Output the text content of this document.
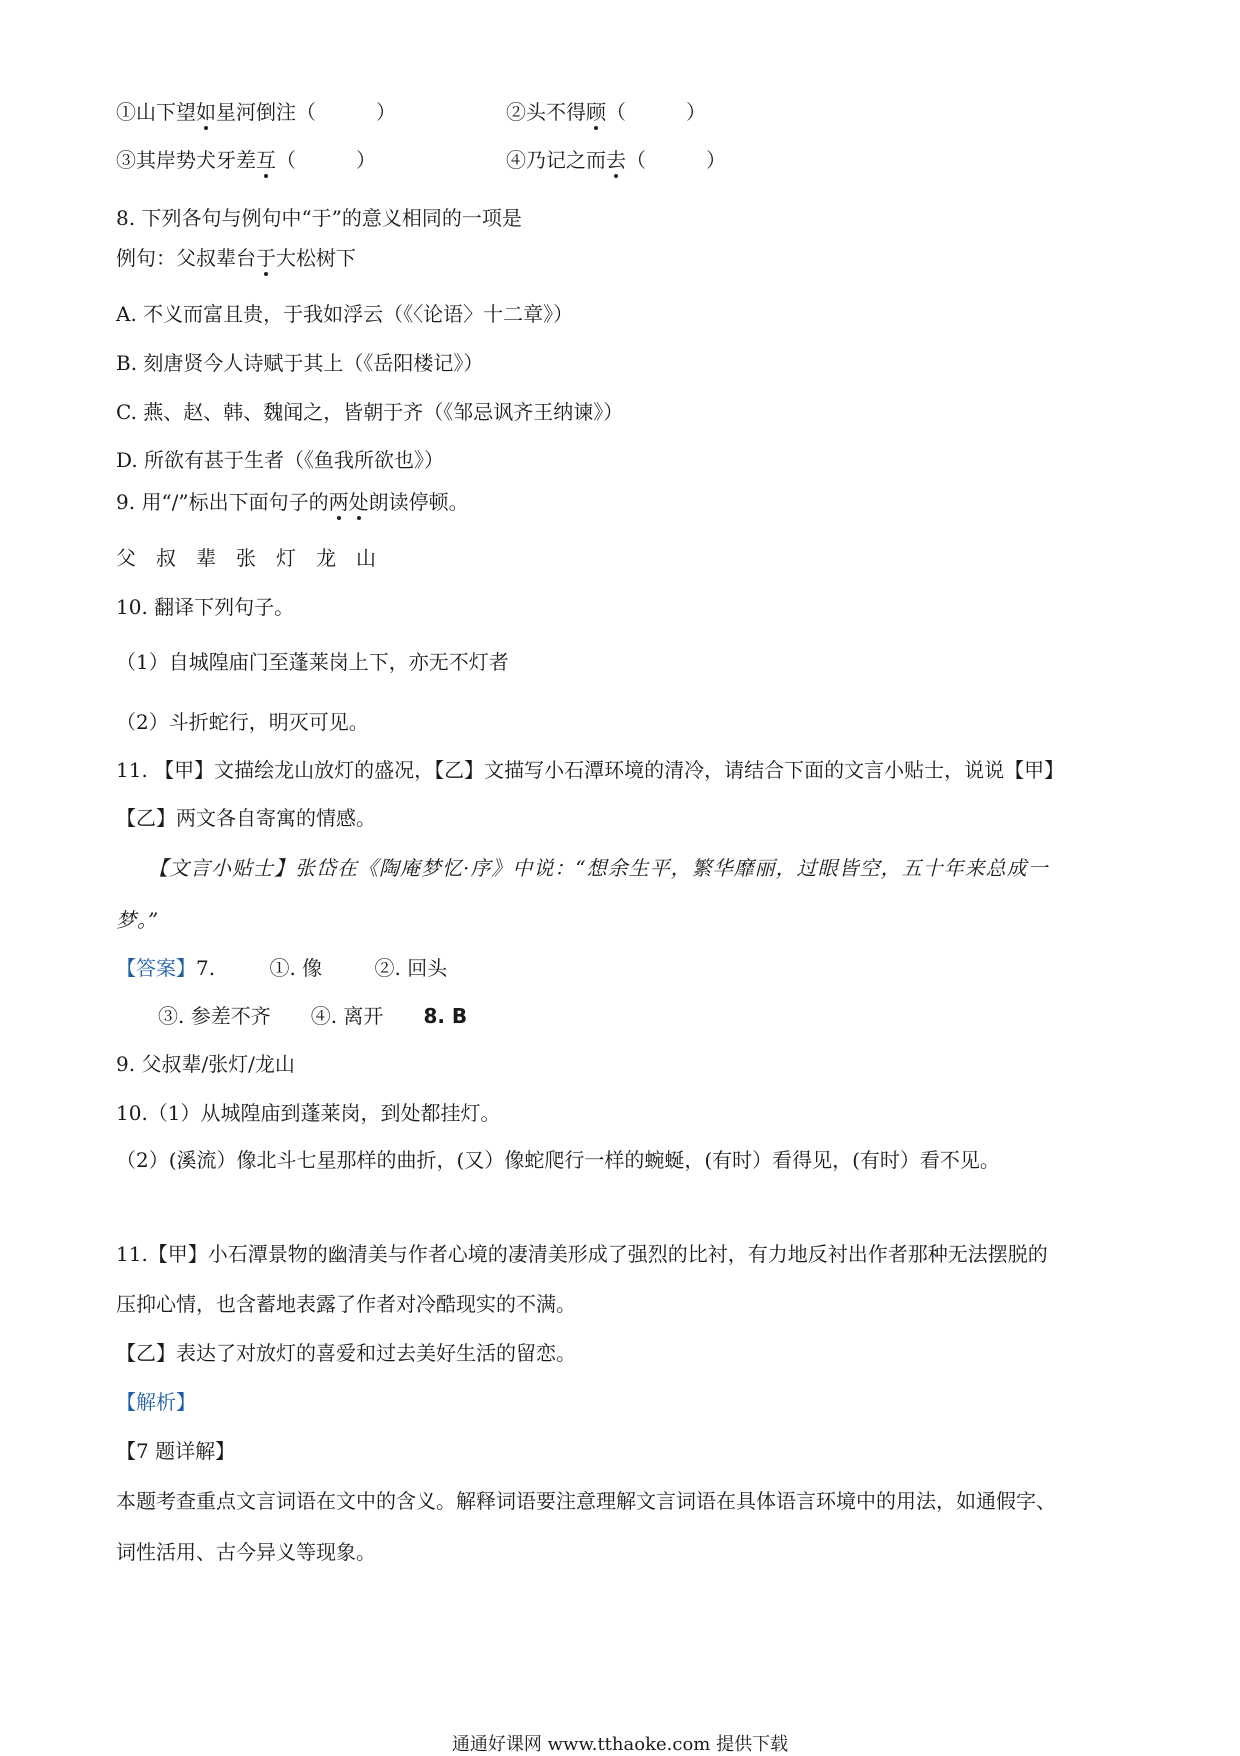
①山下望如星河倒注（	）	②头不得顾（	）
③其岸势犬牙差互（	）	④乃记之而去（	）
8. 下列各句与例句中“于”的意义相同的一项是
例句：父叔辈台于大松树下
A. 不义而富且贵，于我如浮云（《〈论语〉十二章》）
B. 刻唐贤今人诗赋于其上（《岳阳楼记》）
C. 燕、赵、韩、魏闻之，皆朝于齐（《邹忌讽齐王纳谏》）
D. 所欲有甚于生者（《鱼我所欲也》）
9. 用“/”标出下面句子的两处朗读停顿。
父 叔 辈 张 灯 龙 山
10. 翻译下列句子。
（1）自城隍庙门至蓬莱岗上下，亦无不灯者
（2）斗折蛇行，明灭可见。
11. 【甲】文描绘龙山放灯的盛况，【乙】文描写小石潭环境的清冷，请结合下面的文言小贴士，说说【甲】
【乙】两文各自寄寓的情感。
【文言小贴士】张岱在《陶庵梦忆·序》中说：“想余生平，繁华靡丽，过眼皆空，五十年来总成一
梦。”
【答案】7.	①. 像	②. 回头
③. 参差不齐 ④. 离开 8. B
9. 父叔辈/张灯/龙山
10.（1）从城隍庙到蓬莱岗，到处都挂灯。
（2）(溪流）像北斗七星那样的曲折，(又）像蛇爬行一样的蜿蜒，(有时）看得见，(有时）看不见。
11.【甲】小石潭景物的幽清美与作者心境的凄清美形成了强烈的比衬，有力地反衬出作者那种无法摆脱的
压抑心情，也含蓄地表露了作者对冷酷现实的不满。
【乙】表达了对放灯的喜爱和过去美好生活的留恋。
【解析】
【7 题详解】
本题考查重点文言词语在文中的含义。解释词语要注意理解文言词语在具体语言环境中的用法，如通假字、
词性活用、古今异义等现象。
通通好课网 www.tthaoke.com 提供下载
